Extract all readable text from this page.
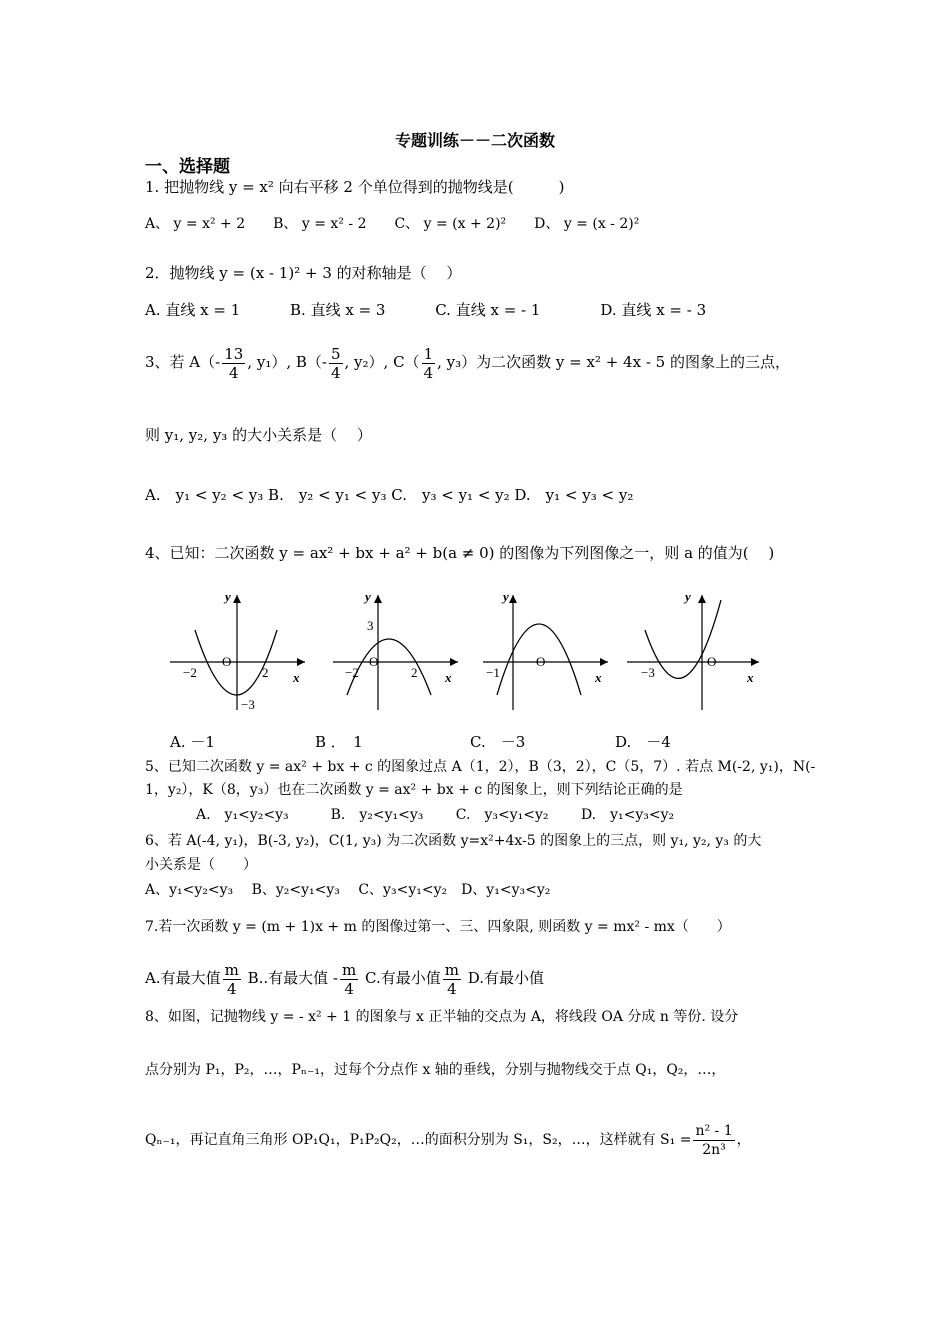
专题训练－－二次函数
一、选择题
1. 把抛物线 y = x² 向右平移 2 个单位得到的抛物线是(　　　)
A、 y = x² + 2　　B、 y = x² - 2　　C、 y = (x + 2)²　　D、 y = (x - 2)²
2．抛物线 y = (x - 1)² + 3 的对称轴是（　 ）
A. 直线 x = 1　　　 B. 直线 x = 3　　　 C. 直线 x = - 1　　　　D. 直线 x = - 3
3、若 $A(- \frac{13}{4}$ , y₁）, $B(- \frac{5}{4}$ , y₂）, $C( \frac{1}{4}$ , y₃）为二次函数 y = x² + 4x - 5 的图象上的三点，
则 y₁, y₂, y₃ 的大小关系是（　 ）
A.　y₁ < y₂ < y₃ B.　y₂ < y₁ < y₃ C.　y₃ < y₁ < y₂ D.　y₁ < y₃ < y₂
4、已知：二次函数 y = ax² + bx + a² + b(a ≠ 0) 的图像为下列图像之一，则 a 的值为(　 )
y
x
O
−2	2
−3
y
x
O
3
−2	2
y
x
O
−1
y
x
O
−3
A. －1	B ．　1	C.　－3	D.　－4
5、已知二次函数 y = ax² + bx + c 的图象过点 A（1，2），B（3，2），C（5，7）. 若点 M(-2, y₁)，N(-
1，y₂），K（8，y₃）也在二次函数 y = ax² + bx + c 的图象上，则下列结论正确的是
A.　y₁<y₂<y₃　　　B.　y₂<y₁<y₃　　 C.　y₃<y₁<y₂　　 D.　y₁<y₃<y₂
6、若 A(-4, y₁)，B(-3, y₂)，C(1, y₃) 为二次函数 y=x²+4x-5 的图象上的三点，则 y₁, y₂, y₃ 的大
小关系是（　　）
A、y₁<y₂<y₃　 B、y₂<y₁<y₃　 C、y₃<y₁<y₂　D、y₁<y₃<y₂
7.若一次函数 y = (m + 1)x + m 的图像过第一、三、四象限, 则函数 y = mx² - mx（　　）
A.有最大值 $\frac{m}{4} B$..有最大值 - $\frac{m}{4} C$.有最小值 $\frac{m}{4} D$.有最小值
8、如图，记抛物线 y = - x² + 1 的图象与 x 正半轴的交点为 A，将线段 OA 分成 n 等份. 设分
点分别为 P₁，P₂，…，Pₙ₋₁，过每个分点作 x 轴的垂线，分别与抛物线交于点 Q₁，Q₂，…，
Qₙ₋₁，再记直角三角形 OP₁Q₁，P₁P₂Q₂，…的面积分别为 S₁，S₂，…，这样就有 $S_1 = \frac{\text{n² - 1}}{\text{2n³}}$ ，
